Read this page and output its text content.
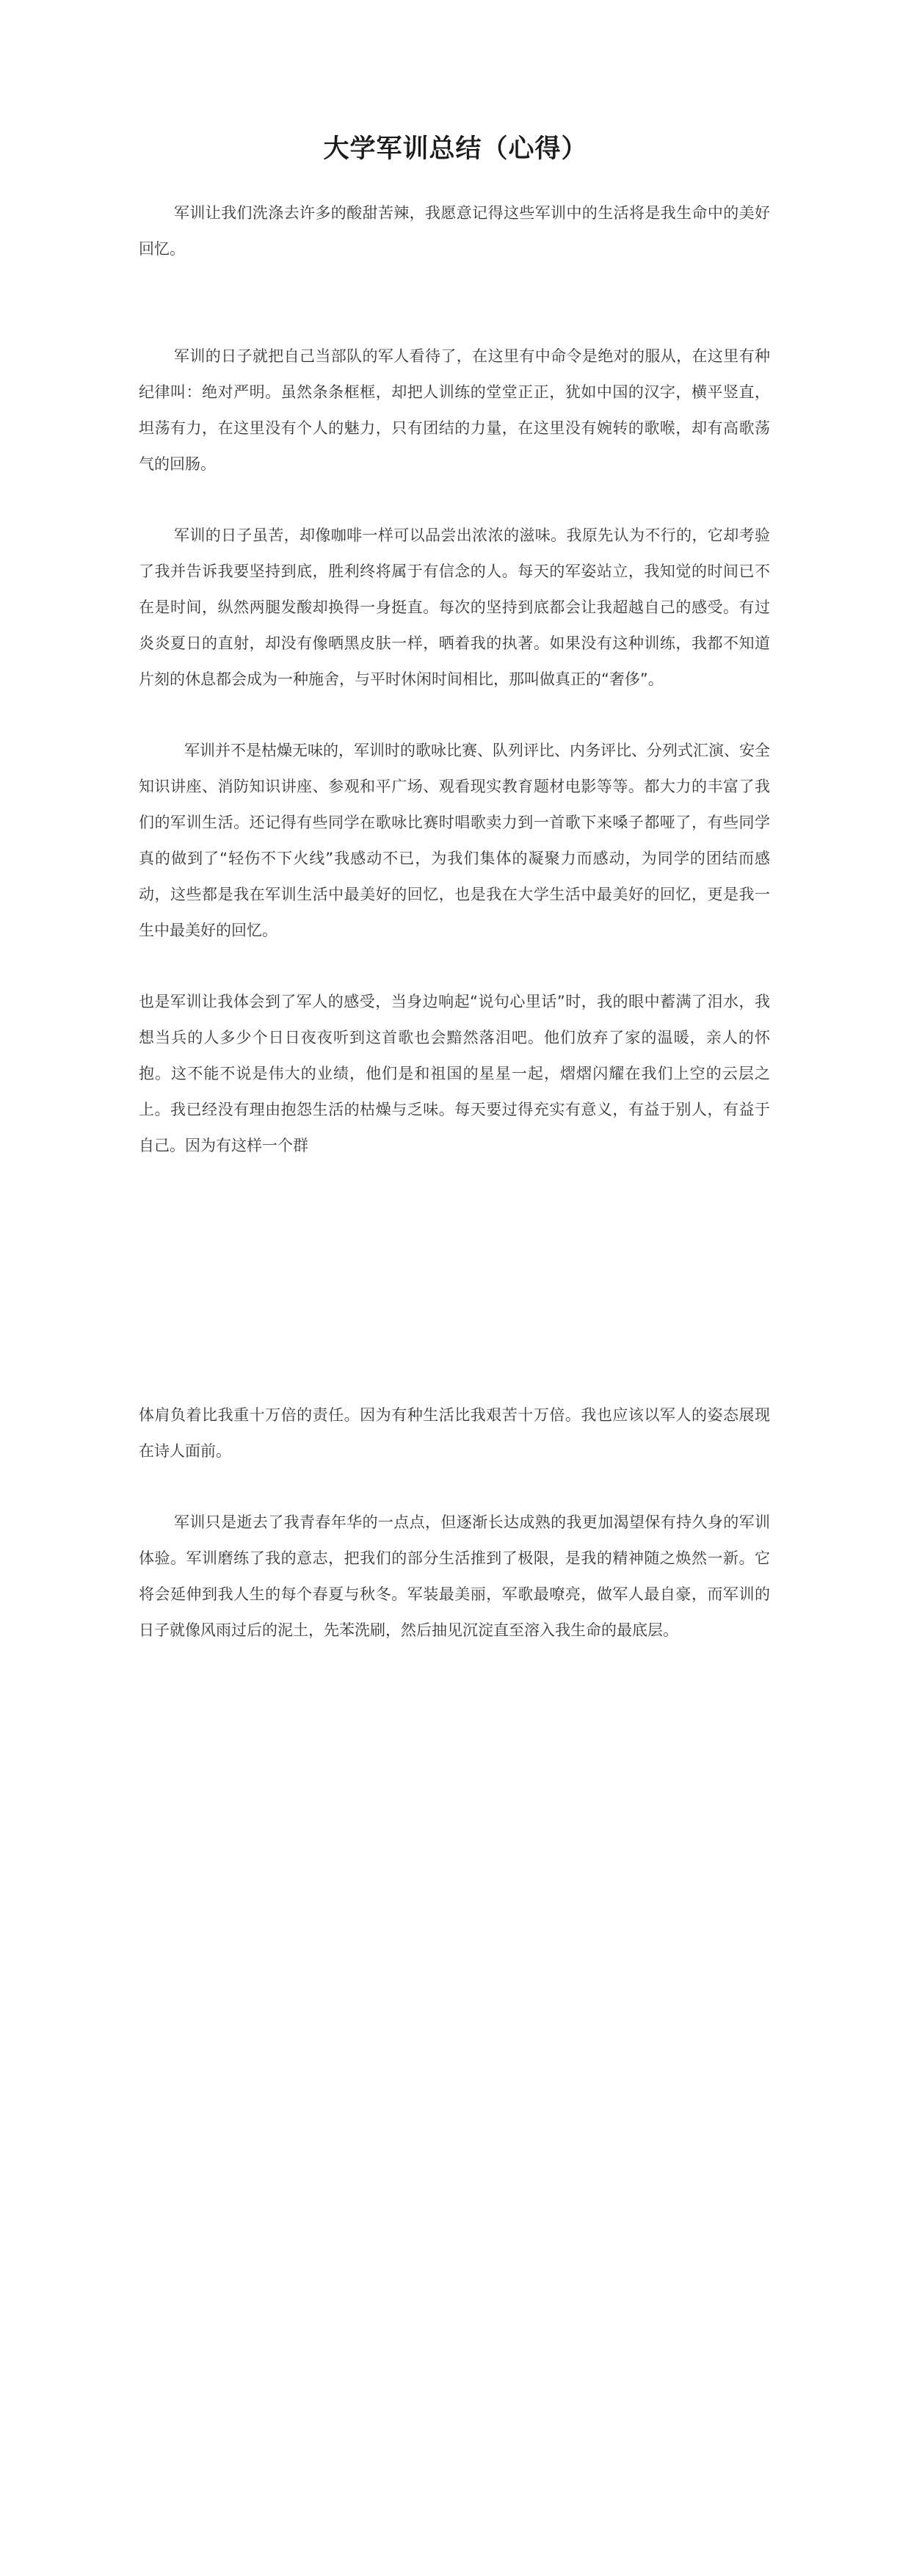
大学军训总结（心得）

军训让我们洗涤去许多的酸甜苦辣，我愿意记得这些军训中的生活将是我生命中的美好回忆。

军训的日子就把自己当部队的军人看待了，在这里有中命令是绝对的服从，在这里有种纪律叫：绝对严明。虽然条条框框，却把人训练的堂堂正正，犹如中国的汉字，横平竖直，坦荡有力，在这里没有个人的魅力，只有团结的力量，在这里没有婉转的歌喉，却有高歌荡气的回肠。

军训的日子虽苦，却像咖啡一样可以品尝出浓浓的滋味。我原先认为不行的，它却考验了我并告诉我要坚持到底，胜利终将属于有信念的人。每天的军姿站立，我知觉的时间已不在是时间，纵然两腿发酸却换得一身挺直。每次的坚持到底都会让我超越自己的感受。有过炎炎夏日的直射，却没有像晒黑皮肤一样，晒着我的执著。如果没有这种训练，我都不知道片刻的休息都会成为一种施舍，与平时休闲时间相比，那叫做真正的“奢侈”。

军训并不是枯燥无味的，军训时的歌咏比赛、队列评比、内务评比、分列式汇演、安全知识讲座、消防知识讲座、参观和平广场、观看现实教育题材电影等等。都大力的丰富了我们的军训生活。还记得有些同学在歌咏比赛时唱歌卖力到一首歌下来嗓子都哑了，有些同学真的做到了“轻伤不下火线”我感动不已，为我们集体的凝聚力而感动，为同学的团结而感动，这些都是我在军训生活中最美好的回忆，也是我在大学生活中最美好的回忆，更是我一生中最美好的回忆。

也是军训让我体会到了军人的感受，当身边响起“说句心里话”时，我的眼中蓄满了泪水，我想当兵的人多少个日日夜夜听到这首歌也会黯然落泪吧。他们放弃了家的温暖，亲人的怀抱。这不能不说是伟大的业绩，他们是和祖国的星星一起，熠熠闪耀在我们上空的云层之上。我已经没有理由抱怨生活的枯燥与乏味。每天要过得充实有意义，有益于别人，有益于自己。因为有这样一个群

体肩负着比我重十万倍的责任。因为有种生活比我艰苦十万倍。我也应该以军人的姿态展现在诗人面前。

军训只是逝去了我青春年华的一点点，但逐渐长达成熟的我更加渴望保有持久身的军训体验。军训磨练了我的意志，把我们的部分生活推到了极限，是我的精神随之焕然一新。它将会延伸到我人生的每个春夏与秋冬。军装最美丽，军歌最嘹亮，做军人最自豪，而军训的日子就像风雨过后的泥土，先苯洗刷，然后抽见沉淀直至溶入我生命的最底层。
